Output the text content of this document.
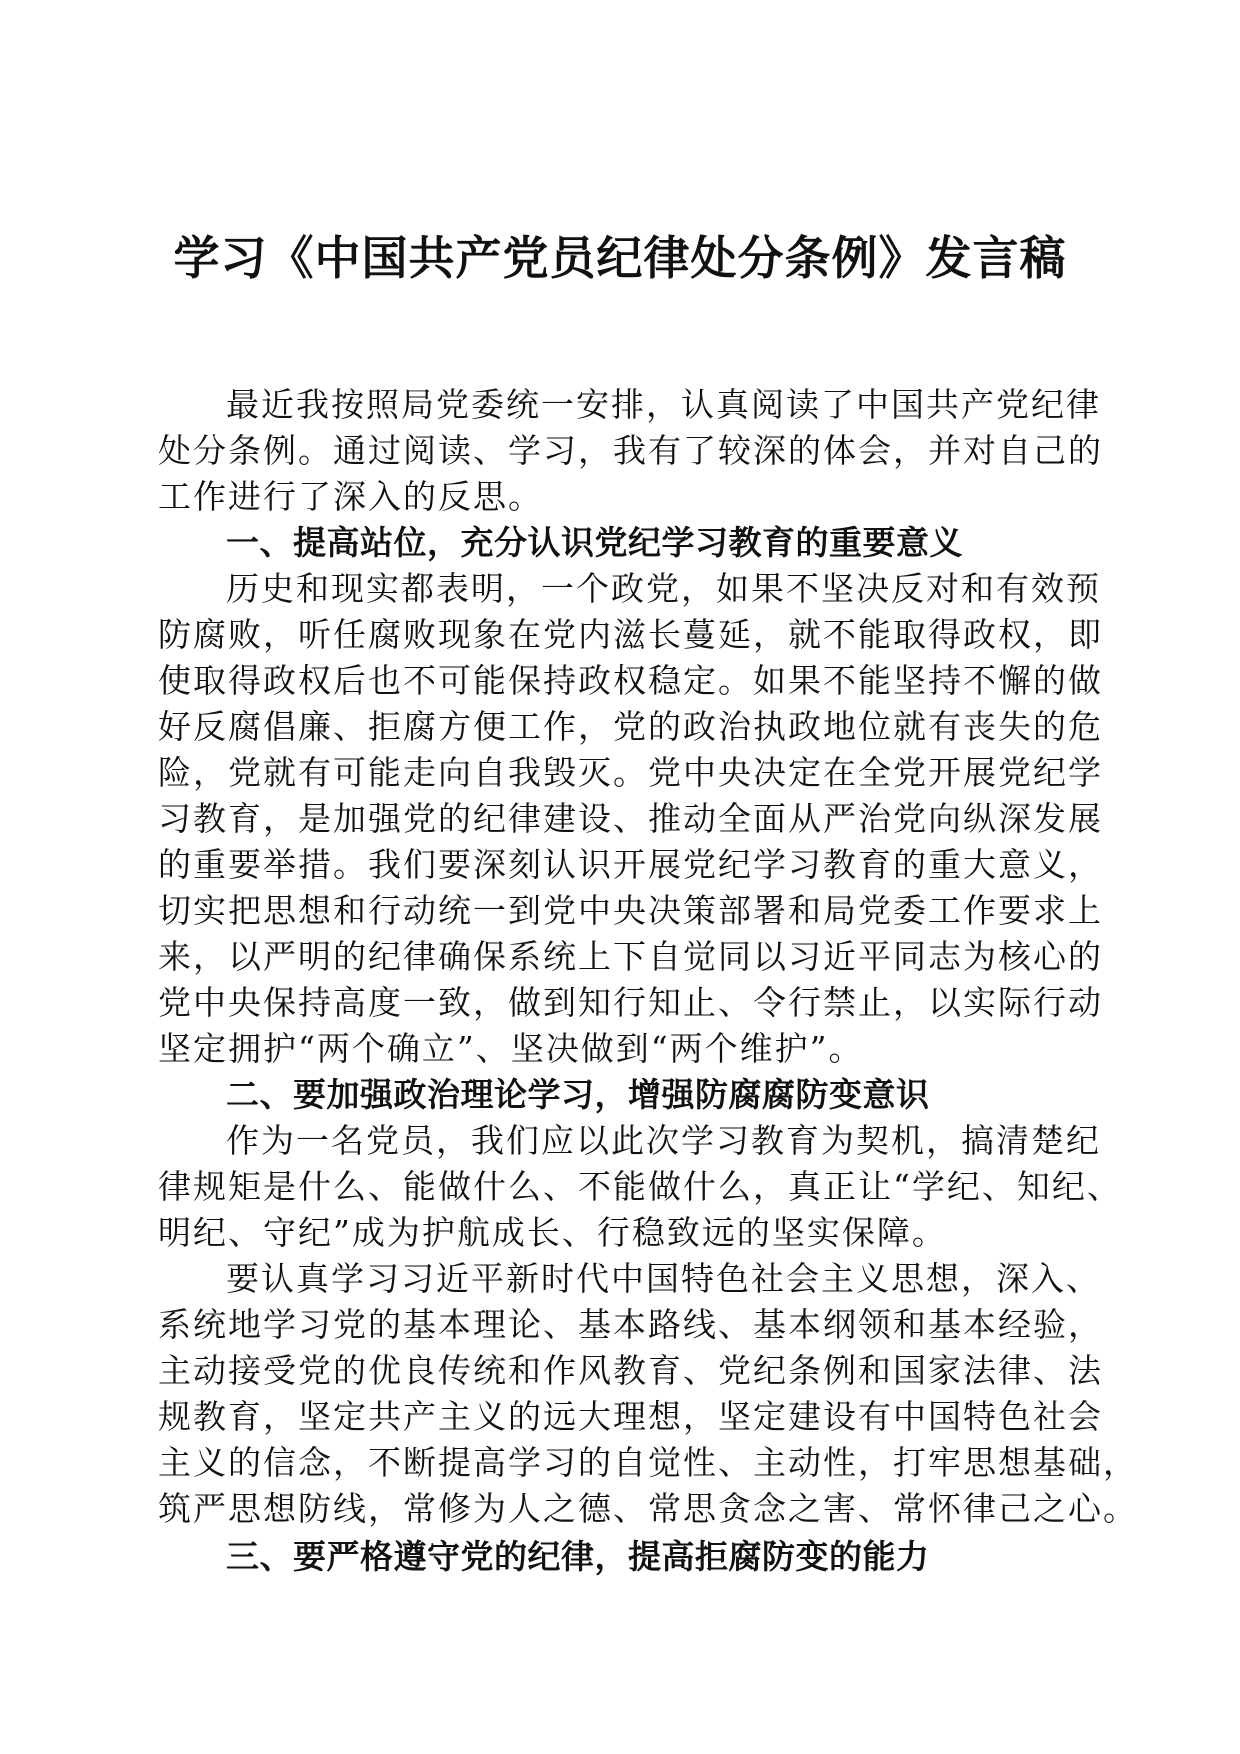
学习《中国共产党员纪律处分条例》发言稿
最近我按照局党委统一安排，认真阅读了中国共产党纪律
处分条例。通过阅读、学习，我有了较深的体会，并对自己的
工作进行了深入的反思。
一、提高站位，充分认识党纪学习教育的重要意义
历史和现实都表明，一个政党，如果不坚决反对和有效预
防腐败，听任腐败现象在党内滋长蔓延，就不能取得政权，即
使取得政权后也不可能保持政权稳定。如果不能坚持不懈的做
好反腐倡廉、拒腐方便工作，党的政治执政地位就有丧失的危
险，党就有可能走向自我毁灭。党中央决定在全党开展党纪学
习教育，是加强党的纪律建设、推动全面从严治党向纵深发展
的重要举措。我们要深刻认识开展党纪学习教育的重大意义，
切实把思想和行动统一到党中央决策部署和局党委工作要求上
来，以严明的纪律确保系统上下自觉同以习近平同志为核心的
党中央保持高度一致，做到知行知止、令行禁止，以实际行动
坚定拥护“两个确立”、坚决做到“两个维护”。
二、要加强政治理论学习，增强防腐腐防变意识
作为一名党员，我们应以此次学习教育为契机，搞清楚纪
律规矩是什么、能做什么、不能做什么，真正让“学纪、知纪、
明纪、守纪”成为护航成长、行稳致远的坚实保障。
要认真学习习近平新时代中国特色社会主义思想，深入、
系统地学习党的基本理论、基本路线、基本纲领和基本经验，
主动接受党的优良传统和作风教育、党纪条例和国家法律、法
规教育，坚定共产主义的远大理想，坚定建设有中国特色社会
主义的信念，不断提高学习的自觉性、主动性，打牢思想基础，
筑严思想防线，常修为人之德、常思贪念之害、常怀律己之心。
三、要严格遵守党的纪律，提高拒腐防变的能力
